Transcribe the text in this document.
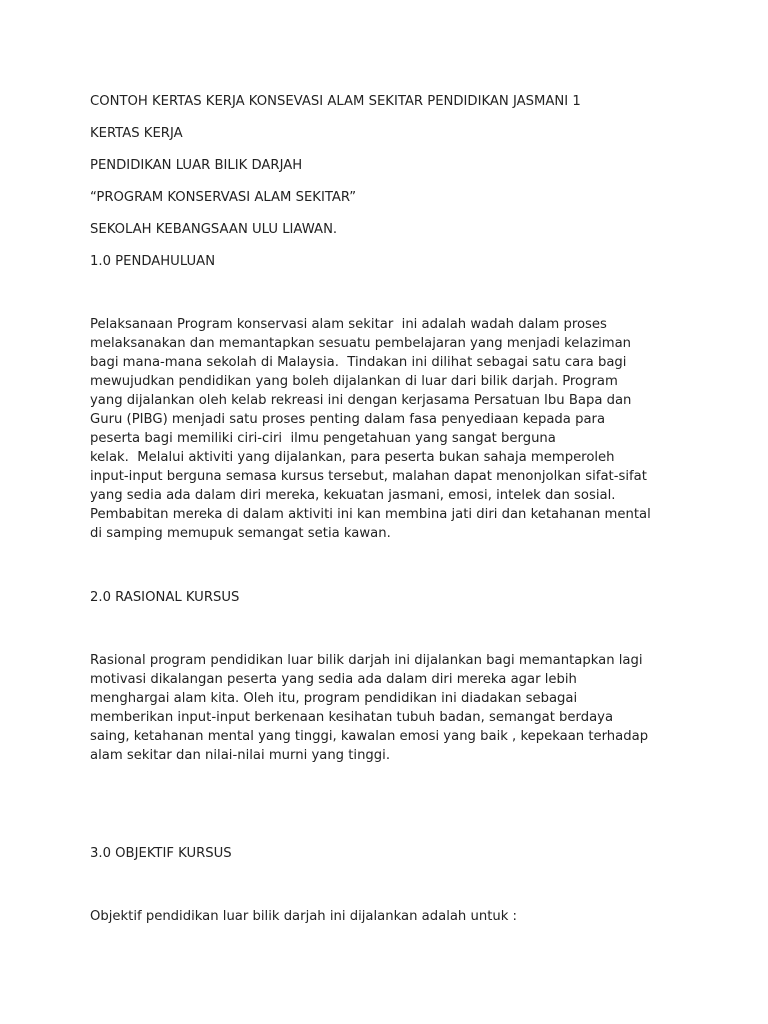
CONTOH KERTAS KERJA KONSEVASI ALAM SEKITAR PENDIDIKAN JASMANI 1

KERTAS KERJA

PENDIDIKAN LUAR BILIK DARJAH

“PROGRAM KONSERVASI ALAM SEKITAR”

SEKOLAH KEBANGSAAN ULU LIAWAN.

1.0 PENDAHULUAN

Pelaksanaan Program konservasi alam sekitar  ini adalah wadah dalam proses
melaksanakan dan memantapkan sesuatu pembelajaran yang menjadi kelaziman
bagi mana-mana sekolah di Malaysia.  Tindakan ini dilihat sebagai satu cara bagi
mewujudkan pendidikan yang boleh dijalankan di luar dari bilik darjah. Program
yang dijalankan oleh kelab rekreasi ini dengan kerjasama Persatuan Ibu Bapa dan
Guru (PIBG) menjadi satu proses penting dalam fasa penyediaan kepada para
peserta bagi memiliki ciri-ciri  ilmu pengetahuan yang sangat berguna
kelak.  Melalui aktiviti yang dijalankan, para peserta bukan sahaja memperoleh
input-input berguna semasa kursus tersebut, malahan dapat menonjolkan sifat-sifat
yang sedia ada dalam diri mereka, kekuatan jasmani, emosi, intelek dan sosial.
Pembabitan mereka di dalam aktiviti ini kan membina jati diri dan ketahanan mental
di samping memupuk semangat setia kawan.

2.0 RASIONAL KURSUS

Rasional program pendidikan luar bilik darjah ini dijalankan bagi memantapkan lagi
motivasi dikalangan peserta yang sedia ada dalam diri mereka agar lebih
menghargai alam kita. Oleh itu, program pendidikan ini diadakan sebagai
memberikan input-input berkenaan kesihatan tubuh badan, semangat berdaya
saing, ketahanan mental yang tinggi, kawalan emosi yang baik , kepekaan terhadap
alam sekitar dan nilai-nilai murni yang tinggi.

3.0 OBJEKTIF KURSUS

Objektif pendidikan luar bilik darjah ini dijalankan adalah untuk :
